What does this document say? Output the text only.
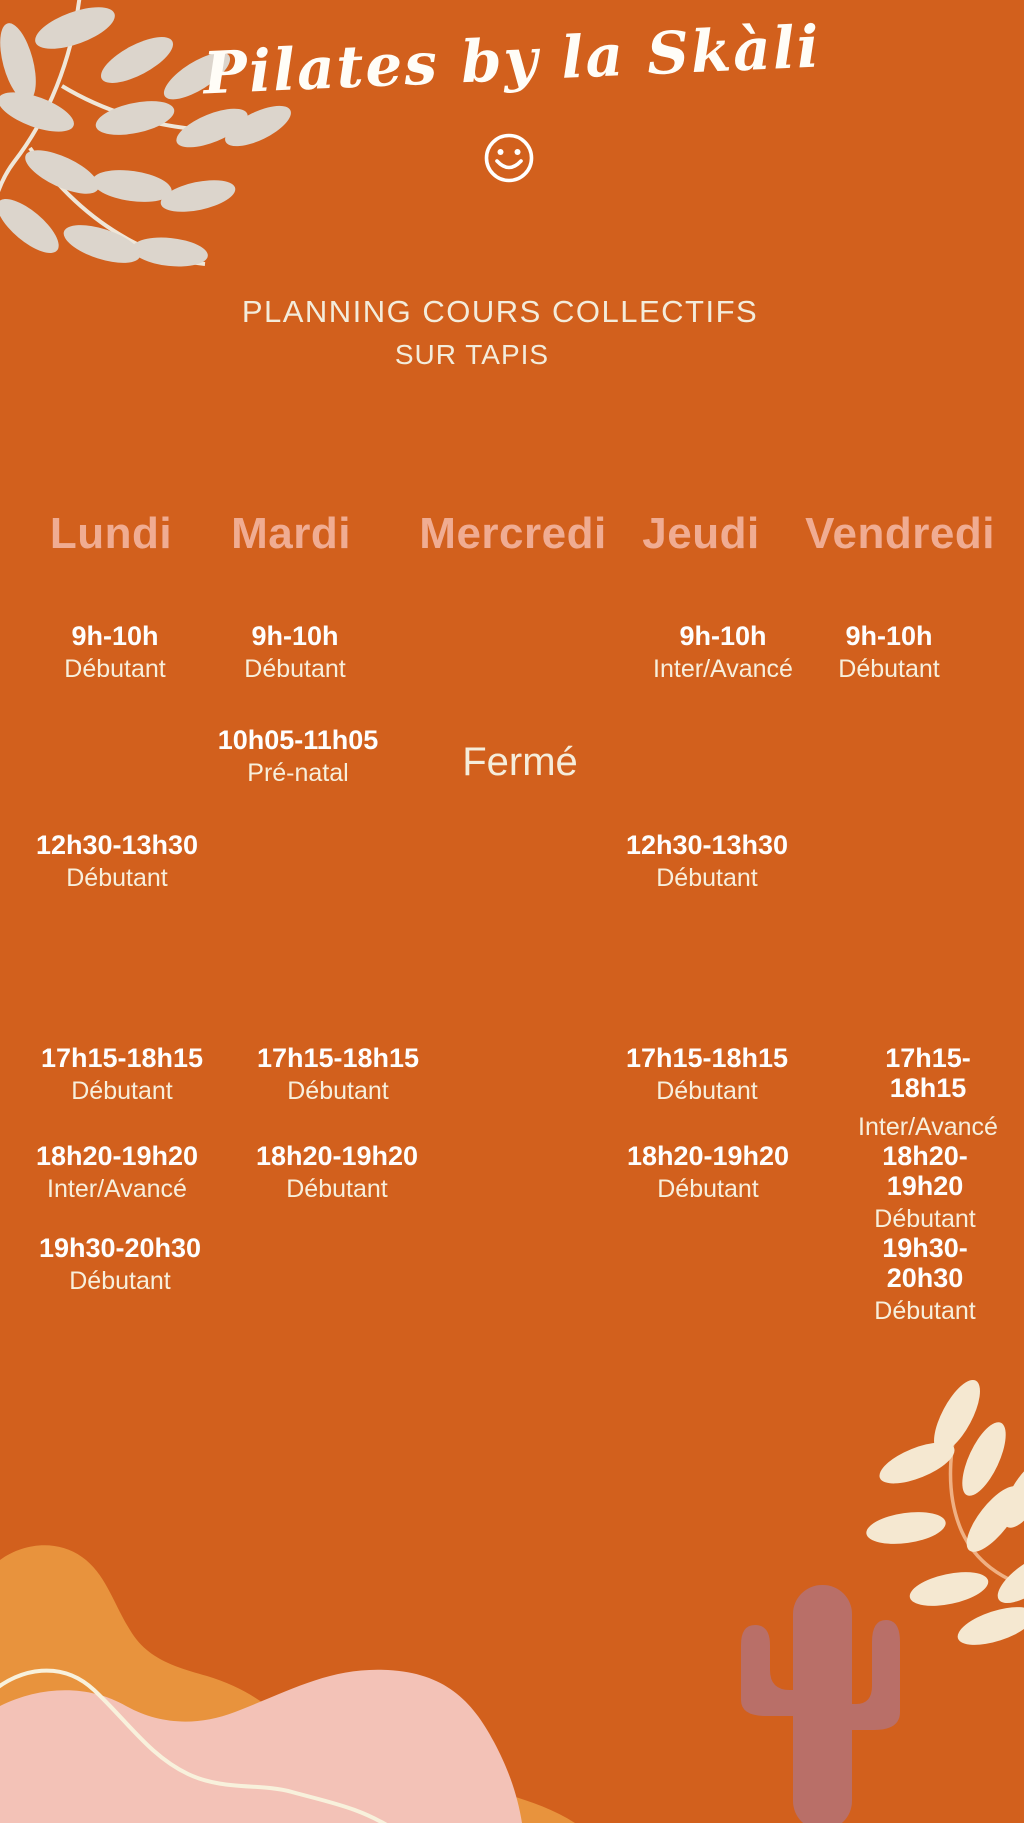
Pilates by la Skàli
PLANNING COURS COLLECTIFS
SUR TAPIS
Lundi Mardi Mercredi Jeudi Vendredi
9h-10h
Débutant
9h-10h
Débutant
9h-10h
Inter/Avancé
9h-10h
Débutant
10h05-11h05
Pré-natal	Fermé
12h30-13h30
Débutant
12h30-13h30
Débutant
17h15-18h15
Débutant
17h15-18h15
Débutant
17h15-18h15
Débutant
17h15-18h15
Inter/Avancé
18h20-19h20
Inter/Avancé
18h20-19h20
Débutant
18h20-19h20
Débutant
18h20-19h20
Débutant
19h30-20h30
Débutant
19h30-20h30
Débutant
